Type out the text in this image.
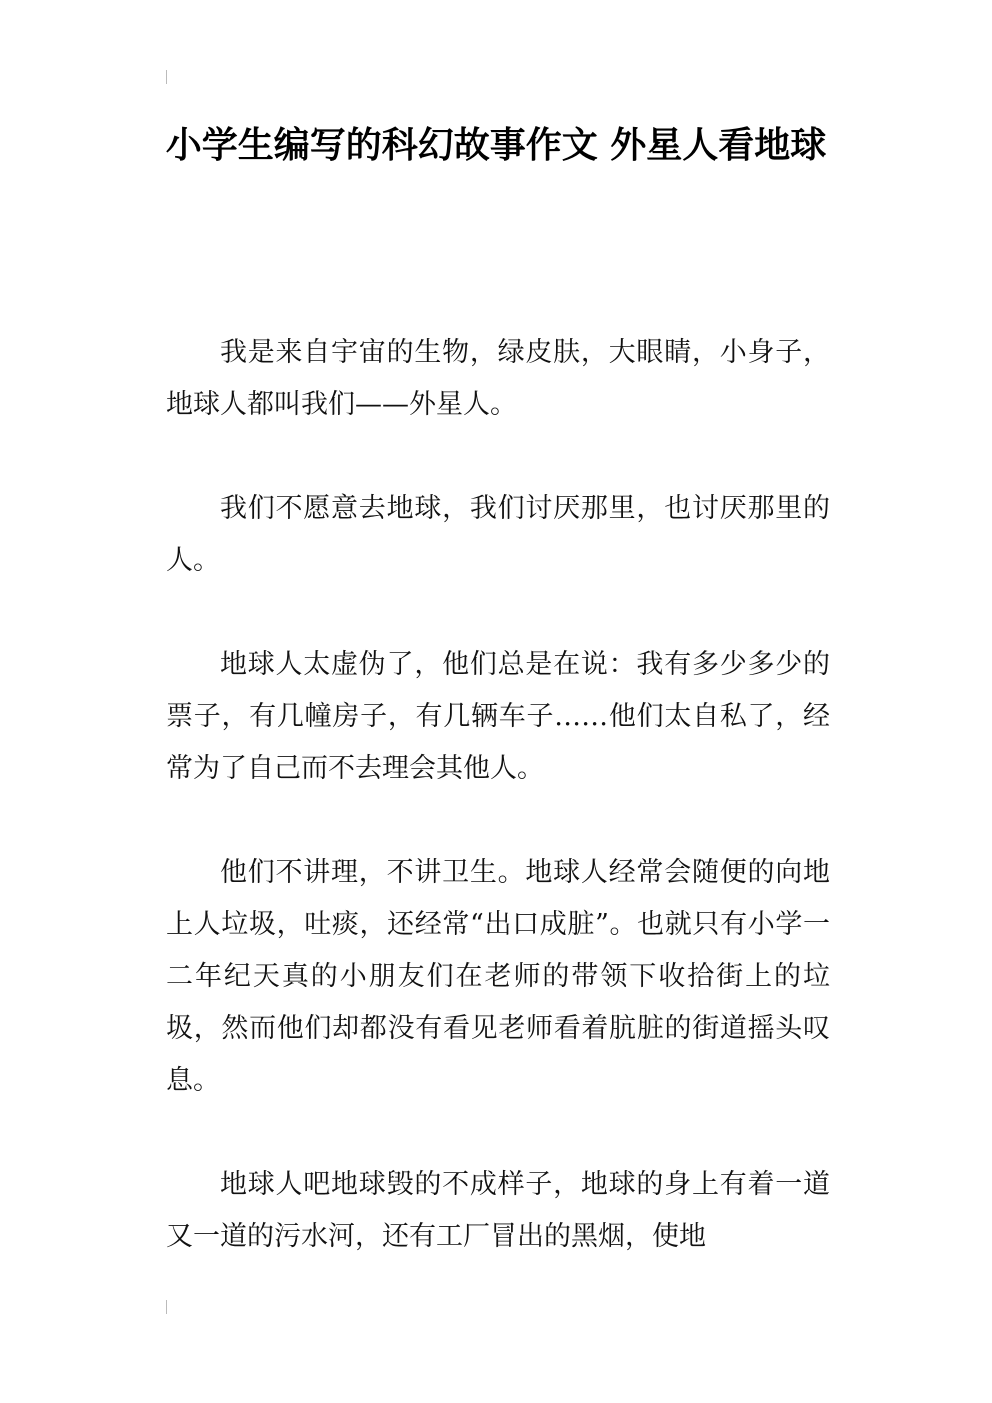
小学生编写的科幻故事作文 外星人看地球

我是来自宇宙的生物，绿皮肤，大眼睛，小身子，地球人都叫我们——外星人。

我们不愿意去地球，我们讨厌那里，也讨厌那里的人。

地球人太虚伪了，他们总是在说：我有多少多少的票子，有几幢房子，有几辆车子……他们太自私了，经常为了自己而不去理会其他人。

他们不讲理，不讲卫生。地球人经常会随便的向地上人垃圾，吐痰，还经常“出口成脏”。也就只有小学一二年纪天真的小朋友们在老师的带领下收拾街上的垃圾，然而他们却都没有看见老师看着肮脏的街道摇头叹息。

地球人吧地球毁的不成样子，地球的身上有着一道又一道的污水河，还有工厂冒出的黑烟，使地
